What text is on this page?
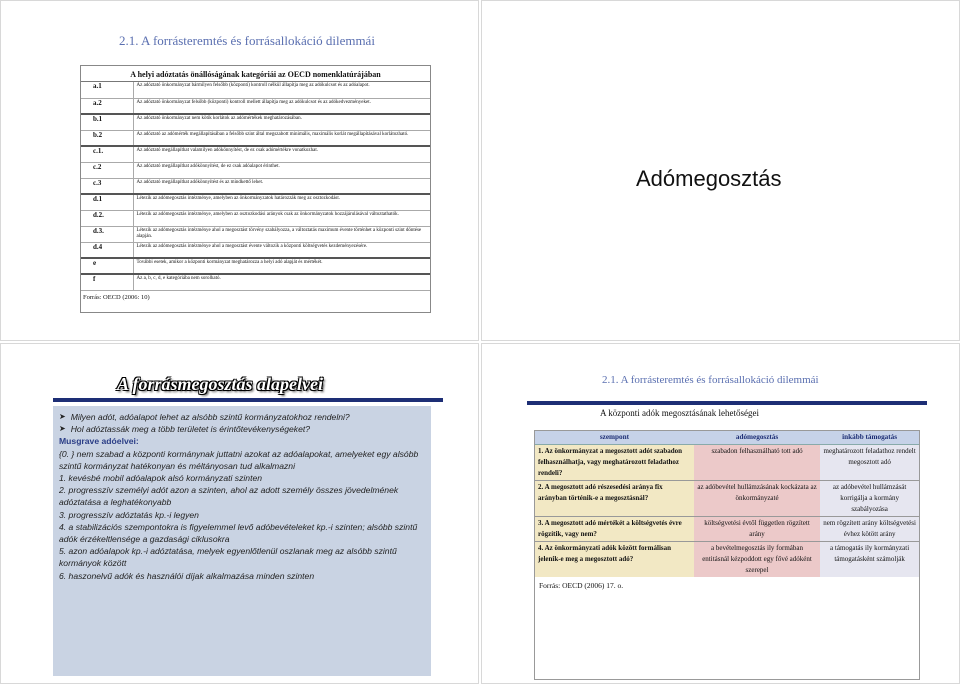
2.1. A forrásteremtés és forrásallokáció dilemmái
A helyi adóztatás önállóságának kategóriái az OECD nomenklatúrájában
a.1	Az adóztató önkormányzat bármilyen felsőbb (központi) kontroll nélkül állapítja meg az adókulcsot és az adóalapot.
a.2	Az adóztató önkormányzat felsőbb (központi) kontroll mellett állapítja meg az adókulcsot és az adókedvezményeket.
b.1	Az adóztató önkormányzat nem kötik korlátok az adómértékek meghatározásában.
b.2	Az adóztató az adómérték megállapításában a felsőbb szint által megszabott minimális, maximális korlát megállapításával korlátozható.
c.1.	Az adóztató megállapíthat valamilyen adókönnyítést, de ez csak adómértékre vonatkozhat.
c.2	Az adóztató megállapíthat adókönnyítést, de ez csak adóalapot érinthet.
c.3	Az adóztató megállapíthat adókönnyítést és az mindkettő lehet.
d.1	Létezik az adómegosztás intézménye, amelyben az önkormányzatok határozzák meg az osztozkodást.
d.2.	Létezik az adómegosztás intézménye, amelyben az osztozkodási arányok csak az önkormányzatok hozzájárulásával változtathatók.
d.3.	Létezik az adómegosztás intézménye ahol a megosztást törvény szabályozza, a változtatás maximum évente történhet a központi szint döntése alapján.
d.4	Létezik az adómegosztás intézménye ahol a megosztást évente változik a központi költségvetés kezdeményezésére.
e	További esetek, amikor a központi kormányzat meghatározza a helyi adó alapját és mértékét.
f	Az a, b, c, d, e kategóriába nem sorolható.
Forrás: OECD (2006: 10)
Adómegosztás
A forrásmegosztás alapelvei
➤ Milyen adót, adóalapot lehet az alsóbb szintű kormányzatokhoz rendelni?
➤ Hol adóztassák meg a több területet is érintőtevékenységeket?
Musgrave adóelvei:
{0. } nem szabad a központi kormánynak juttatni azokat az adóalapokat, amelyeket egy alsóbb szintű kormányzat hatékonyan és méltányosan tud alkalmazni
1. kevésbé mobil adóalapok alsó kormányzati szinten
2. progresszív személyi adót azon a szinten, ahol az adott személy összes jövedelmének adóztatása a leghatékonyabb
3. progresszív adóztatás kp.-i legyen
4. a stabilizációs szempontokra is figyelemmel levő adóbevételeket kp.-i szinten; alsóbb szintű adók érzékeltlensége a gazdasági ciklusokra
5. azon adóalapok kp.-i adóztatása, melyek egyenlőtlenül oszlanak meg az alsóbb szintű kormányok között
6. haszonelvű adók és használói díjak alkalmazása minden szinten
2.1. A forrásteremtés és forrásallokáció dilemmái
A központi adók megosztásának lehetőségei
szempont	adómegosztás	inkább támogatás
1. Az önkormányzat a megosztott adót szabadon felhasználhatja, vagy meghatározott feladathoz rendeli?	szabadon felhasználható tott adó	meghatározott feladathoz rendelt megosztott adó
2. A megosztott adó részesedési aránya fix arányban történik-e a megosztásnál?	az adóbevétel hullámzásának kockázata az önkormányzaté	az adóbevétel hullámzását korrigálja a kormány szabályozása
3. A megosztott adó mértékét a költségvetés évre rögzítik, vagy nem?	költségvetési évtől független rögzített arány	nem rögzített arány költségvetési évhez kötött arány
4. Az önkormányzati adók között formálisan jelenik-e meg a megosztott adó?	a bevételmegosztás ily formában entitásnál kézpoddott egy fővé adóként szerepel	a támogatás ily kormányzati támogatásként számolják
Forrás: OECD (2006) 17. o.
